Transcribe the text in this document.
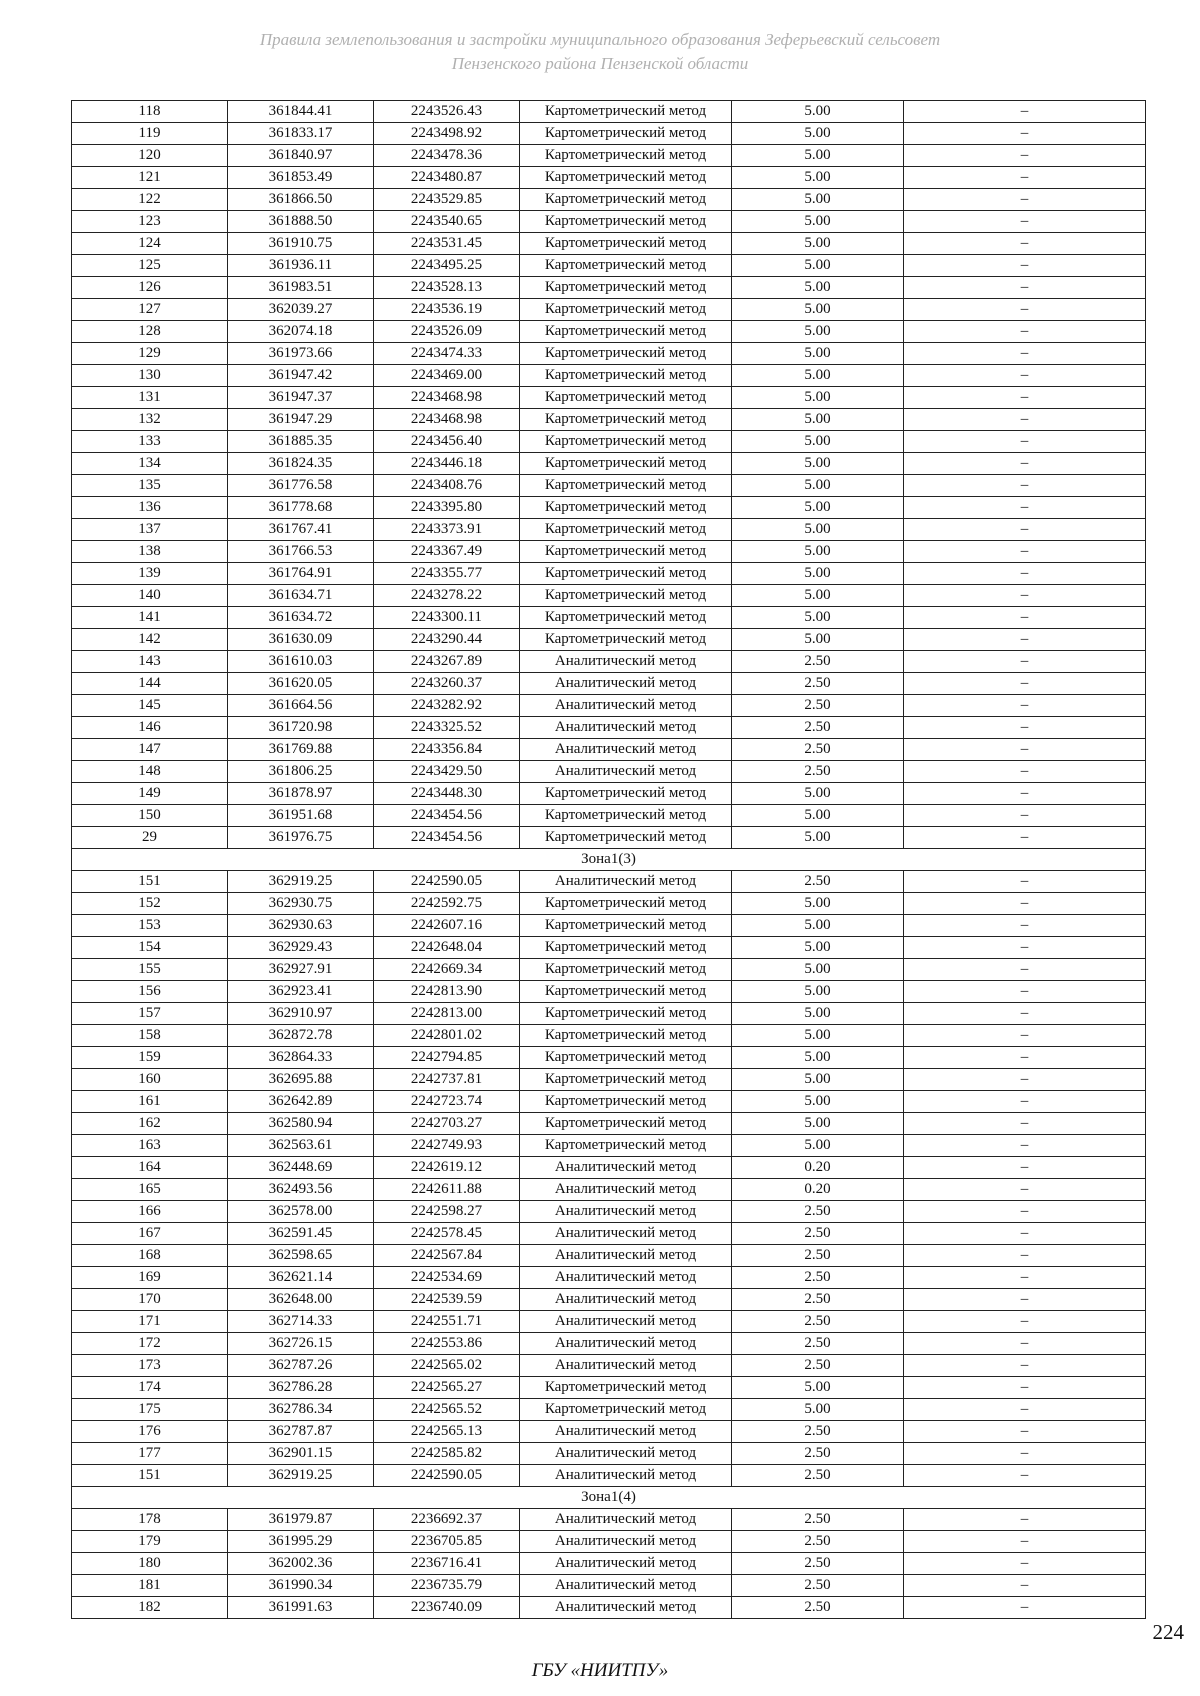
Правила землепользования и застройки муниципального образования Зеферьевский сельсовет
Пензенского района Пензенской области
118	361844.41	2243526.43	Картометрический метод	5.00	–
119	361833.17	2243498.92	Картометрический метод	5.00	–
120	361840.97	2243478.36	Картометрический метод	5.00	–
121	361853.49	2243480.87	Картометрический метод	5.00	–
122	361866.50	2243529.85	Картометрический метод	5.00	–
123	361888.50	2243540.65	Картометрический метод	5.00	–
124	361910.75	2243531.45	Картометрический метод	5.00	–
125	361936.11	2243495.25	Картометрический метод	5.00	–
126	361983.51	2243528.13	Картометрический метод	5.00	–
127	362039.27	2243536.19	Картометрический метод	5.00	–
128	362074.18	2243526.09	Картометрический метод	5.00	–
129	361973.66	2243474.33	Картометрический метод	5.00	–
130	361947.42	2243469.00	Картометрический метод	5.00	–
131	361947.37	2243468.98	Картометрический метод	5.00	–
132	361947.29	2243468.98	Картометрический метод	5.00	–
133	361885.35	2243456.40	Картометрический метод	5.00	–
134	361824.35	2243446.18	Картометрический метод	5.00	–
135	361776.58	2243408.76	Картометрический метод	5.00	–
136	361778.68	2243395.80	Картометрический метод	5.00	–
137	361767.41	2243373.91	Картометрический метод	5.00	–
138	361766.53	2243367.49	Картометрический метод	5.00	–
139	361764.91	2243355.77	Картометрический метод	5.00	–
140	361634.71	2243278.22	Картометрический метод	5.00	–
141	361634.72	2243300.11	Картометрический метод	5.00	–
142	361630.09	2243290.44	Картометрический метод	5.00	–
143	361610.03	2243267.89	Аналитический метод	2.50	–
144	361620.05	2243260.37	Аналитический метод	2.50	–
145	361664.56	2243282.92	Аналитический метод	2.50	–
146	361720.98	2243325.52	Аналитический метод	2.50	–
147	361769.88	2243356.84	Аналитический метод	2.50	–
148	361806.25	2243429.50	Аналитический метод	2.50	–
149	361878.97	2243448.30	Картометрический метод	5.00	–
150	361951.68	2243454.56	Картометрический метод	5.00	–
29	361976.75	2243454.56	Картометрический метод	5.00	–
Зона1(3)					
151	362919.25	2242590.05	Аналитический метод	2.50	–
152	362930.75	2242592.75	Картометрический метод	5.00	–
153	362930.63	2242607.16	Картометрический метод	5.00	–
154	362929.43	2242648.04	Картометрический метод	5.00	–
155	362927.91	2242669.34	Картометрический метод	5.00	–
156	362923.41	2242813.90	Картометрический метод	5.00	–
157	362910.97	2242813.00	Картометрический метод	5.00	–
158	362872.78	2242801.02	Картометрический метод	5.00	–
159	362864.33	2242794.85	Картометрический метод	5.00	–
160	362695.88	2242737.81	Картометрический метод	5.00	–
161	362642.89	2242723.74	Картометрический метод	5.00	–
162	362580.94	2242703.27	Картометрический метод	5.00	–
163	362563.61	2242749.93	Картометрический метод	5.00	–
164	362448.69	2242619.12	Аналитический метод	0.20	–
165	362493.56	2242611.88	Аналитический метод	0.20	–
166	362578.00	2242598.27	Аналитический метод	2.50	–
167	362591.45	2242578.45	Аналитический метод	2.50	–
168	362598.65	2242567.84	Аналитический метод	2.50	–
169	362621.14	2242534.69	Аналитический метод	2.50	–
170	362648.00	2242539.59	Аналитический метод	2.50	–
171	362714.33	2242551.71	Аналитический метод	2.50	–
172	362726.15	2242553.86	Аналитический метод	2.50	–
173	362787.26	2242565.02	Аналитический метод	2.50	–
174	362786.28	2242565.27	Картометрический метод	5.00	–
175	362786.34	2242565.52	Картометрический метод	5.00	–
176	362787.87	2242565.13	Аналитический метод	2.50	–
177	362901.15	2242585.82	Аналитический метод	2.50	–
151	362919.25	2242590.05	Аналитический метод	2.50	–
Зона1(4)					
178	361979.87	2236692.37	Аналитический метод	2.50	–
179	361995.29	2236705.85	Аналитический метод	2.50	–
180	362002.36	2236716.41	Аналитический метод	2.50	–
181	361990.34	2236735.79	Аналитический метод	2.50	–
182	361991.63	2236740.09	Аналитический метод	2.50	–
224
ГБУ «НИИТПУ»
